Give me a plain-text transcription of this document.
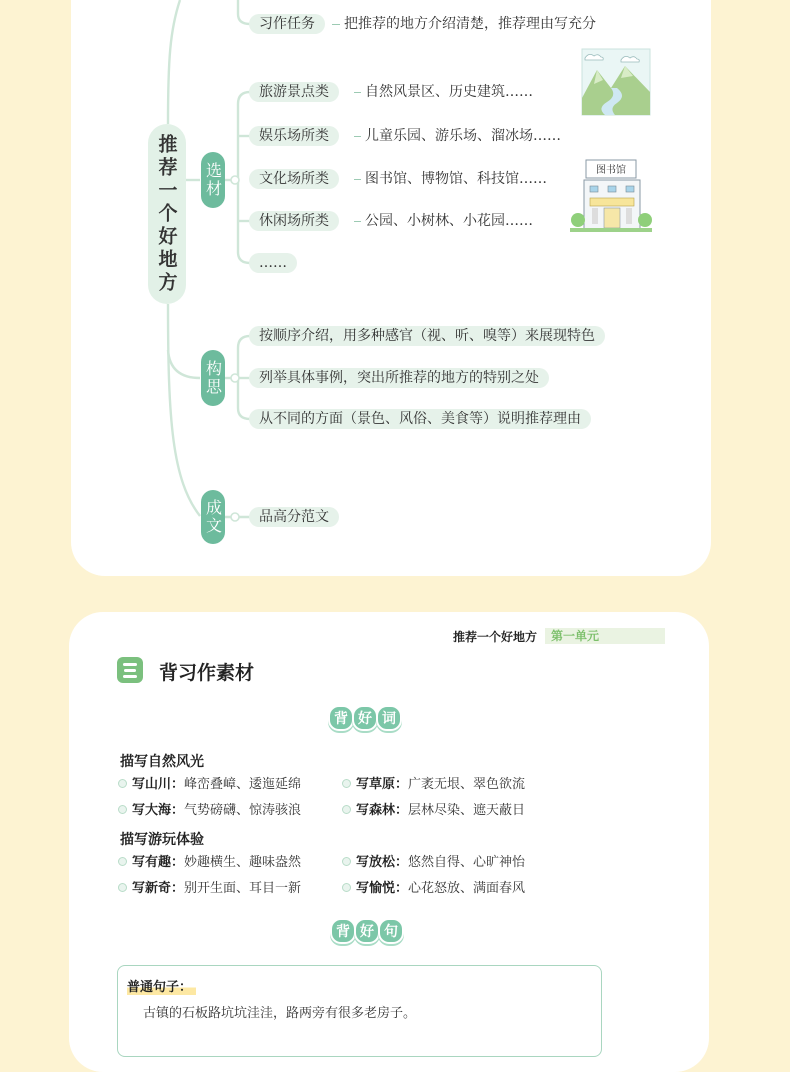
推荐一个好地方
习作任务	把推荐的地方介绍清楚，推荐理由写充分
选材
旅游景点类	自然风景区、历史建筑……
娱乐场所类	儿童乐园、游乐场、溜冰场……
文化场所类	图书馆、博物馆、科技馆……
休闲场所类	公园、小树林、小花园……
……
图书馆
构思
按顺序介绍，用多种感官（视、听、嗅等）来展现特色
列举具体事例，突出所推荐的地方的特别之处
从不同的方面（景色、风俗、美食等）说明推荐理由
成文	品高分范文
推荐一个好地方	第一单元
背习作素材
背 好 词
描写自然风光
写山川：峰峦叠嶂、逶迤延绵	写草原：广袤无垠、翠色欲流
写大海：气势磅礴、惊涛骇浪	写森林：层林尽染、遮天蔽日
描写游玩体验
写有趣：妙趣横生、趣味盎然	写放松：悠然自得、心旷神怡
写新奇：别开生面、耳目一新	写愉悦：心花怒放、满面春风
背 好 句
普通句子：
古镇的石板路坑坑洼洼，路两旁有很多老房子。
